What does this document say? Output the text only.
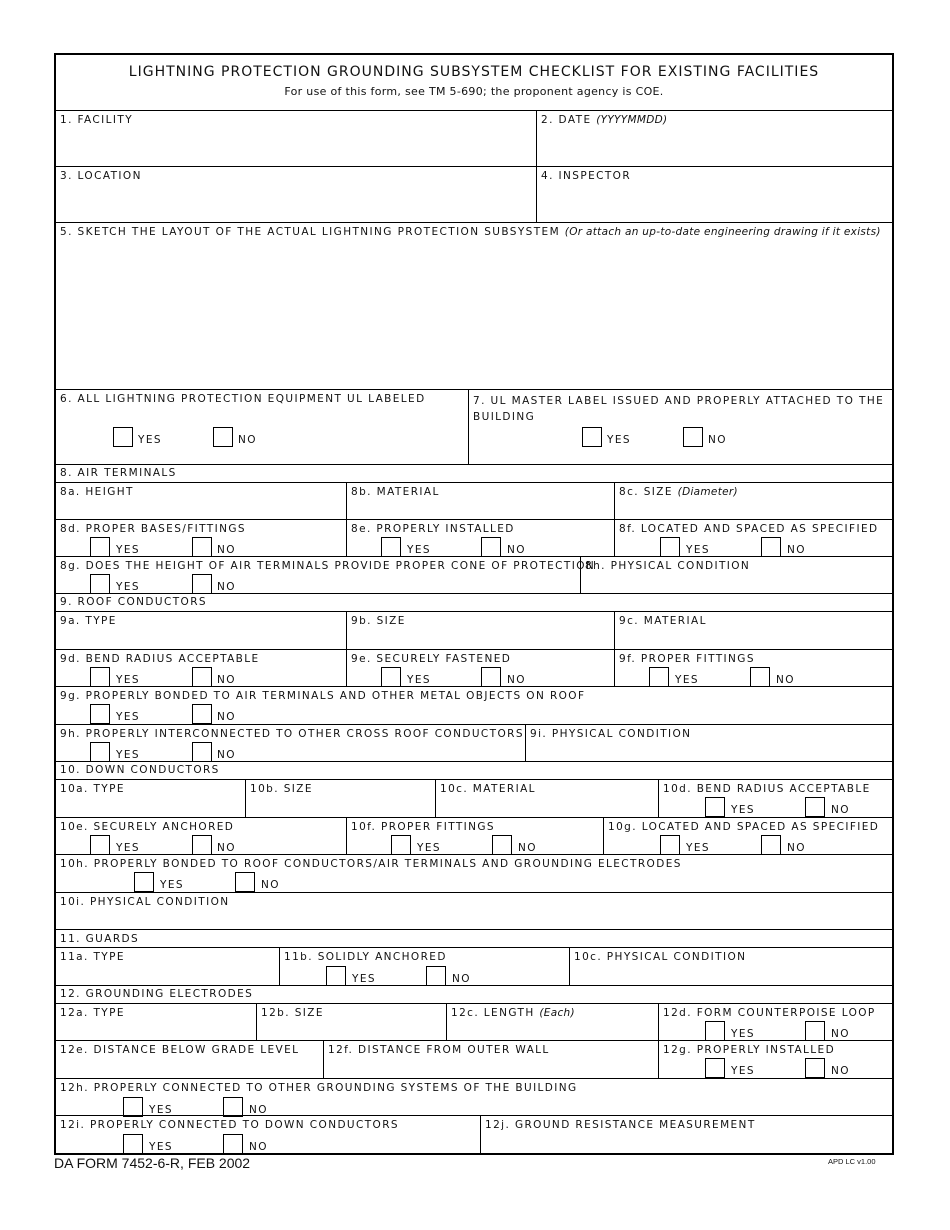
LIGHTNING PROTECTION GROUNDING SUBSYSTEM CHECKLIST FOR EXISTING FACILITIES
For use of this form, see TM 5-690; the proponent agency is COE.
1. FACILITY	2. DATE (YYYYMMDD)
3. LOCATION	4. INSPECTOR
5. SKETCH THE LAYOUT OF THE ACTUAL LIGHTNING PROTECTION SUBSYSTEM (Or attach an up-to-date engineering drawing if it exists)
6. ALL LIGHTNING PROTECTION EQUIPMENT UL LABELED
YES	NO
7. UL MASTER LABEL ISSUED AND PROPERLY ATTACHED TO THE BUILDING
YES	NO
8. AIR TERMINALS
8a. HEIGHT	8b. MATERIAL	8c. SIZE (Diameter)
8d. PROPER BASES/FITTINGS
YES	NO
8e. PROPERLY INSTALLED
YES	NO
8f. LOCATED AND SPACED AS SPECIFIED
YES	NO
8g. DOES THE HEIGHT OF AIR TERMINALS PROVIDE PROPER CONE OF PROTECTION
YES	NO
8h. PHYSICAL CONDITION
9. ROOF CONDUCTORS
9a. TYPE	9b. SIZE	9c. MATERIAL
9d. BEND RADIUS ACCEPTABLE
YES	NO
9e. SECURELY FASTENED
YES	NO
9f. PROPER FITTINGS
YES	NO
9g. PROPERLY BONDED TO AIR TERMINALS AND OTHER METAL OBJECTS ON ROOF
YES	NO
9h. PROPERLY INTERCONNECTED TO OTHER CROSS ROOF CONDUCTORS
YES	NO
9i. PHYSICAL CONDITION
10. DOWN CONDUCTORS
10a. TYPE	10b. SIZE	10c. MATERIAL	10d. BEND RADIUS ACCEPTABLE
YES	NO
10e. SECURELY ANCHORED
YES	NO
10f. PROPER FITTINGS
YES	NO
10g. LOCATED AND SPACED AS SPECIFIED
YES	NO
10h. PROPERLY BONDED TO ROOF CONDUCTORS/AIR TERMINALS AND GROUNDING ELECTRODES
YES	NO
10i. PHYSICAL CONDITION
11. GUARDS
11a. TYPE	11b. SOLIDLY ANCHORED
YES	NO
10c. PHYSICAL CONDITION
12. GROUNDING ELECTRODES
12a. TYPE	12b. SIZE	12c. LENGTH (Each)	12d. FORM COUNTERPOISE LOOP
YES	NO
12e. DISTANCE BELOW GRADE LEVEL	12f. DISTANCE FROM OUTER WALL	12g. PROPERLY INSTALLED
YES	NO
12h. PROPERLY CONNECTED TO OTHER GROUNDING SYSTEMS OF THE BUILDING
YES	NO
12i. PROPERLY CONNECTED TO DOWN CONDUCTORS
YES	NO
12j. GROUND RESISTANCE MEASUREMENT
DA FORM 7452-6-R, FEB 2002	APD LC v1.00
